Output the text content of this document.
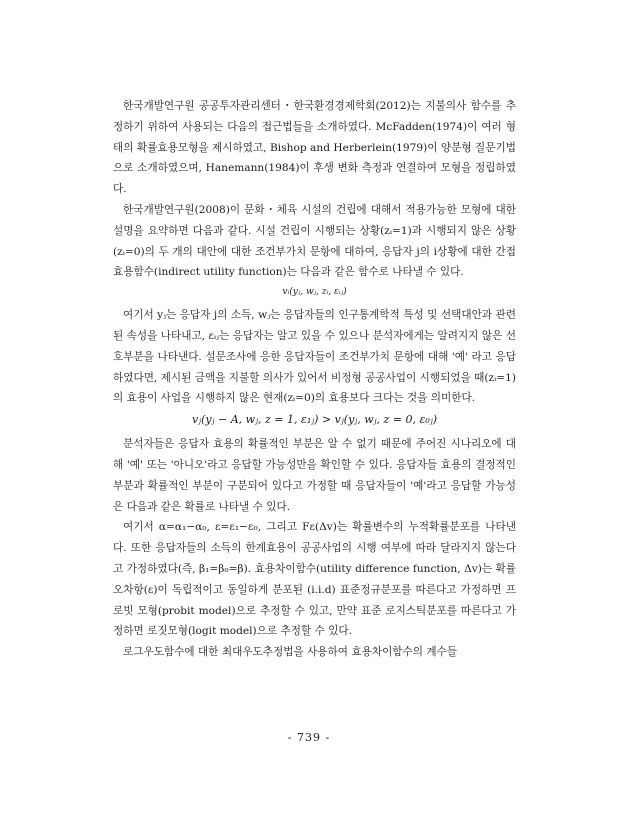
한국개발연구원 공공투자관리센터・한국환경경제학회(2012)는 지불의사 함수를 추정하기 위하여 사용되는 다음의 접근법들을 소개하였다. McFadden(1974)이 여러 형태의 확률효용모형을 제시하였고, Bishop and Herberlein(1979)이 양분형 질문기법으로 소개하였으며, Hanemann(1984)이 후생 변화 측정과 연결하여 모형을 정립하였다.

한국개발연구원(2008)이 문화・체육 시설의 건립에 대해서 적용가능한 모형에 대한 설명을 요약하면 다음과 같다. 시설 건립이 시행되는 상황(zᵢ=1)과 시행되지 않은 상황(zᵢ=0)의 두 개의 대안에 대한 조건부가치 문항에 대하여, 응답자 j의 i상황에 대한 간접효용함수(indirect utility function)는 다음과 같은 함수로 나타낼 수 있다.

vᵢ(yⱼ, wⱼ, zᵢ, εᵢⱼ)

여기서 yⱼ는 응답자 j의 소득, wⱼ는 응답자들의 인구통계학적 특성 및 선택대안과 관련된 속성을 나타내고, εᵢⱼ는 응답자는 알고 있을 수 있으나 분석자에게는 알려지지 않은 선호부분을 나타낸다. 설문조사에 응한 응답자들이 조건부가치 문항에 대해 '예' 라고 응답하였다면, 제시된 금액을 지불할 의사가 있어서 비정형 공공사업이 시행되었을 때(zᵢ=1)의 효용이 사업을 시행하지 않은 현재(zᵢ=0)의 효용보다 크다는 것을 의미한다.

vⱼ(yⱼ − A, wⱼ, z = 1, ε₁ⱼ) > vⱼ(yⱼ, wⱼ, z = 0, ε₀ⱼ)

분석자들은 응답자 효용의 확률적인 부분은 알 수 없기 때문에 주어진 시나리오에 대해 '예' 또는 '아니오'라고 응답할 가능성만을 확인할 수 있다. 응답자들 효용의 결정적인 부분과 확률적인 부분이 구분되어 있다고 가정할 때 응답자들이 '예'라고 응답할 가능성은 다음과 같은 확률로 나타낼 수 있다.

여기서 α=α₁−α₀, ε=ε₁−ε₀, 그리고 Fε(Δv)는 확률변수의 누적확률분포를 나타낸다. 또한 응답자들의 소득의 한계효용이 공공사업의 시행 여부에 따라 달라지지 않는다고 가정하였다(즉, β₁=β₀=β). 효용차이함수(utility difference function, Δv)는 확률오차항(ε)이 독립적이고 동일하게 분포된 (i.i.d) 표준정규분포를 따른다고 가정하면 프로빗 모형(probit model)으로 추정할 수 있고, 만약 표준 로지스틱분포를 따른다고 가정하면 로짓모형(logit model)으로 추정할 수 있다.

로그우도함수에 대한 최대우도추정법을 사용하여 효용차이함수의 계수들

- 739 -
